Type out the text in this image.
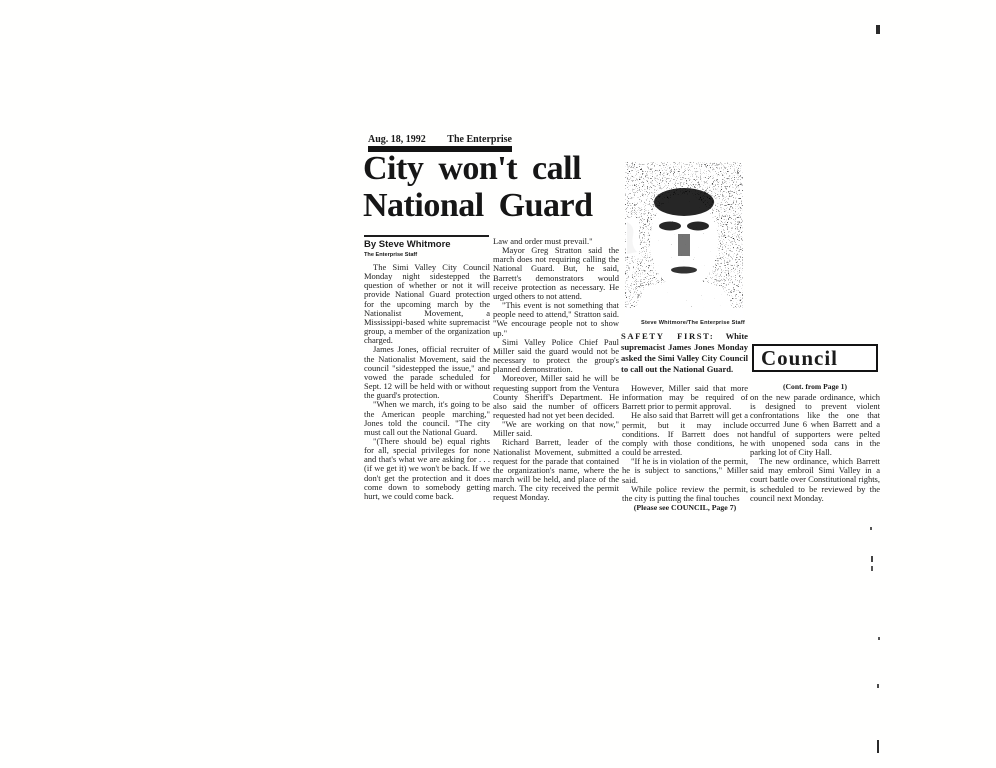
Aug. 18, 1992 The Enterprise
City won't call
National Guard
Steve Whitmore/The Enterprise Staff
SAFETY FIRST: White supremacist James Jones Monday asked the Simi Valley City Council to call out the National Guard.
By Steve Whitmore
The Enterprise Staff

The Simi Valley City Council Monday night sidestepped the question of whether or not it will provide National Guard protection for the upcoming march by the Nationalist Movement, a Mississippi-based white supremacist group, a member of the organization charged.

James Jones, official recruiter of the Nationalist Movement, said the council "sidestepped the issue," and vowed the parade scheduled for Sept. 12 will be held with or without the guard's protection.

"When we march, it's going to be the American people marching," Jones told the council. "The city must call out the National Guard.

"(There should be) equal rights for all, special privileges for none and that's what we are asking for . . . (if we get it) we won't be back. If we don't get the protection and it does come down to somebody getting hurt, we could come back.

Law and order must prevail."

Mayor Greg Stratton said the march does not requiring calling the National Guard. But, he said, Barrett's demonstrators would receive protection as necessary. He urged others to not attend.

"This event is not something that people need to attend," Stratton said. "We encourage people not to show up."

Simi Valley Police Chief Paul Miller said the guard would not be necessary to protect the group's planned demonstration.

Moreover, Miller said he will be requesting support from the Ventura County Sheriff's Department. He also said the number of officers requested had not yet been decided.

"We are working on that now," Miller said.

Richard Barrett, leader of the Nationalist Movement, submitted a request for the parade that contained the organization's name, where the march will be held, and place of the march. The city received the permit request Monday.

However, Miller said that more information may be required of Barrett prior to permit approval.

He also said that Barrett will get a permit, but it may include conditions. If Barrett does not comply with those conditions, he could be arrested.

"If he is in violation of the permit, he is subject to sanctions," Miller said.

While police review the permit, the city is putting the final touches

(Please see COUNCIL, Page 7)

Council
(Cont. from Page 1)

on the new parade ordinance, which is designed to prevent violent confrontations like the one that occurred June 6 when Barrett and a handful of supporters were pelted with unopened soda cans in the parking lot of City Hall.

The new ordinance, which Barrett said may embroil Simi Valley in a court battle over Constitutional rights, is scheduled to be reviewed by the council next Monday.
